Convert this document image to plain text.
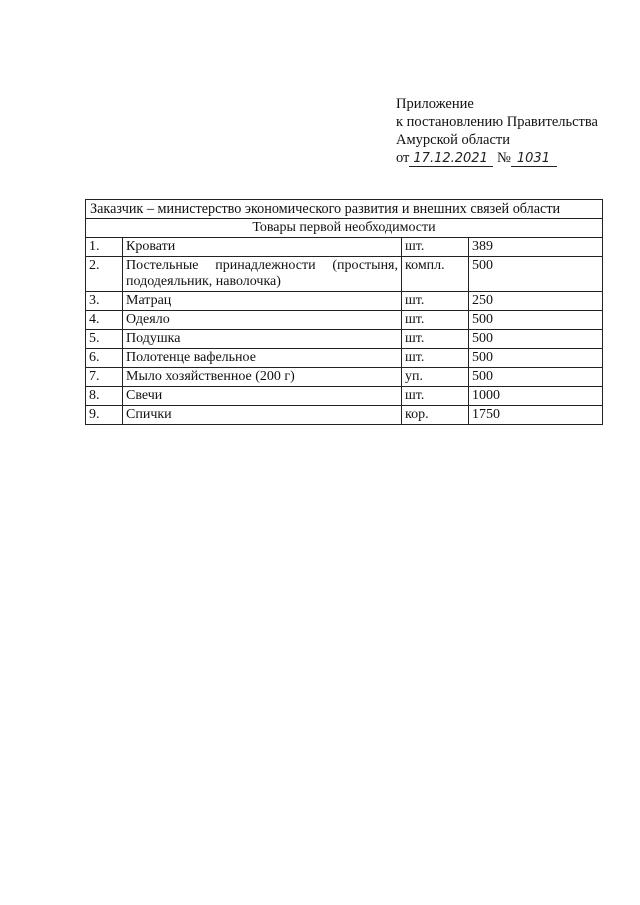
Приложение
к постановлению Правительства
Амурской области
от 17.12.2021 № 1031
Заказчик – министерство экономического развития и внешних связей области			
Товары первой необходимости			
1.	Кровати	шт.	389
2.	Постельные принадлежности (простыня, пододеяльник, наволочка)	компл.	500
3.	Матрац	шт.	250
4.	Одеяло	шт.	500
5.	Подушка	шт.	500
6.	Полотенце вафельное	шт.	500
7.	Мыло хозяйственное (200 г)	уп.	500
8.	Свечи	шт.	1000
9.	Спички	кор.	1750
